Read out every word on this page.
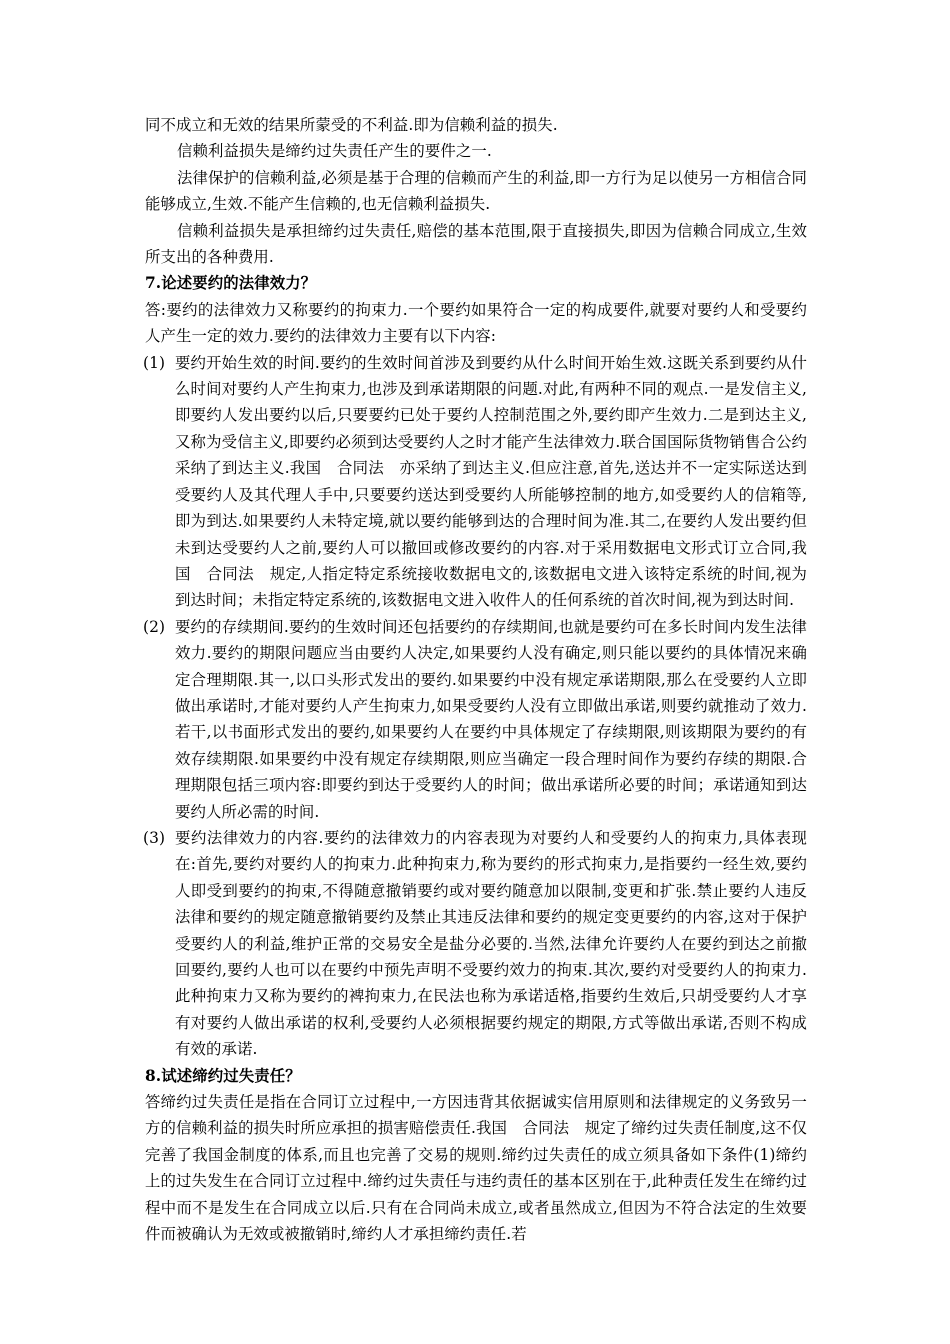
同不成立和无效的结果所蒙受的不利益.即为信赖利益的损失.

信赖利益损失是缔约过失责任产生的要件之一.

法律保护的信赖利益,必须是基于合理的信赖而产生的利益,即一方行为足以使另一方相信合同能够成立,生效.不能产生信赖的,也无信赖利益损失.

信赖利益损失是承担缔约过失责任,赔偿的基本范围,限于直接损失,即因为信赖合同成立,生效所支出的各种费用.

7.论述要约的法律效力？

答:要约的法律效力又称要约的拘束力.一个要约如果符合一定的构成要件,就要对要约人和受要约人产生一定的效力.要约的法律效力主要有以下内容:

(1) 要约开始生效的时间.要约的生效时间首涉及到要约从什么时间开始生效.这既关系到要约从什么时间对要约人产生拘束力,也涉及到承诺期限的问题.对此,有两种不同的观点.一是发信主义,即要约人发出要约以后,只要要约已处于要约人控制范围之外,要约即产生效力.二是到达主义,又称为受信主义,即要约必须到达受要约人之时才能产生法律效力.联合国国际货物销售合公约　采纳了到达主义.我国　合同法　亦采纳了到达主义.但应注意,首先,送达并不一定实际送达到受要约人及其代理人手中,只要要约送达到受要约人所能够控制的地方,如受要约人的信箱等,即为到达.如果要约人未特定境,就以要约能够到达的合理时间为准.其二,在要约人发出要约但未到达受要约人之前,要约人可以撤回或修改要约的内容.对于采用数据电文形式订立合同,我国　合同法　规定,人指定特定系统接收数据电文的,该数据电文进入该特定系统的时间,视为到达时间；未指定特定系统的,该数据电文进入收件人的任何系统的首次时间,视为到达时间.
(2) 要约的存续期间.要约的生效时间还包括要约的存续期间,也就是要约可在多长时间内发生法律效力.要约的期限问题应当由要约人决定,如果要约人没有确定,则只能以要约的具体情况来确定合理期限.其一,以口头形式发出的要约.如果要约中没有规定承诺期限,那么在受要约人立即做出承诺时,才能对要约人产生拘束力,如果受要约人没有立即做出承诺,则要约就推动了效力.若干,以书面形式发出的要约,如果要约人在要约中具体规定了存续期限,则该期限为要约的有效存续期限.如果要约中没有规定存续期限,则应当确定一段合理时间作为要约存续的期限.合理期限包括三项内容:即要约到达于受要约人的时间；做出承诺所必要的时间；承诺通知到达要约人所必需的时间.
(3) 要约法律效力的内容.要约的法律效力的内容表现为对要约人和受要约人的拘束力,具体表现在:首先,要约对要约人的拘束力.此种拘束力,称为要约的形式拘束力,是指要约一经生效,要约人即受到要约的拘束,不得随意撤销要约或对要约随意加以限制,变更和扩张.禁止要约人违反法律和要约的规定随意撤销要约及禁止其违反法律和要约的规定变更要约的内容,这对于保护受要约人的利益,维护正常的交易安全是盐分必要的.当然,法律允许要约人在要约到达之前撤回要约,要约人也可以在要约中预先声明不受要约效力的拘束.其次,要约对受要约人的拘束力.此种拘束力又称为要约的裨拘束力,在民法也称为承诺适格,指要约生效后,只胡受要约人才享有对要约人做出承诺的权利,受要约人必须根据要约规定的期限,方式等做出承诺,否则不构成有效的承诺.

8.试述缔约过失责任？

答缔约过失责任是指在合同订立过程中,一方因违背其依据诚实信用原则和法律规定的义务致另一方的信赖利益的损失时所应承担的损害赔偿责任.我国　合同法　规定了缔约过失责任制度,这不仅完善了我国金制度的体系,而且也完善了交易的规则.缔约过失责任的成立须具备如下条件(1)缔约上的过失发生在合同订立过程中.缔约过失责任与违约责任的基本区别在于,此种责任发生在缔约过程中而不是发生在合同成立以后.只有在合同尚未成立,或者虽然成立,但因为不符合法定的生效要件而被确认为无效或被撤销时,缔约人才承担缔约责任.若
